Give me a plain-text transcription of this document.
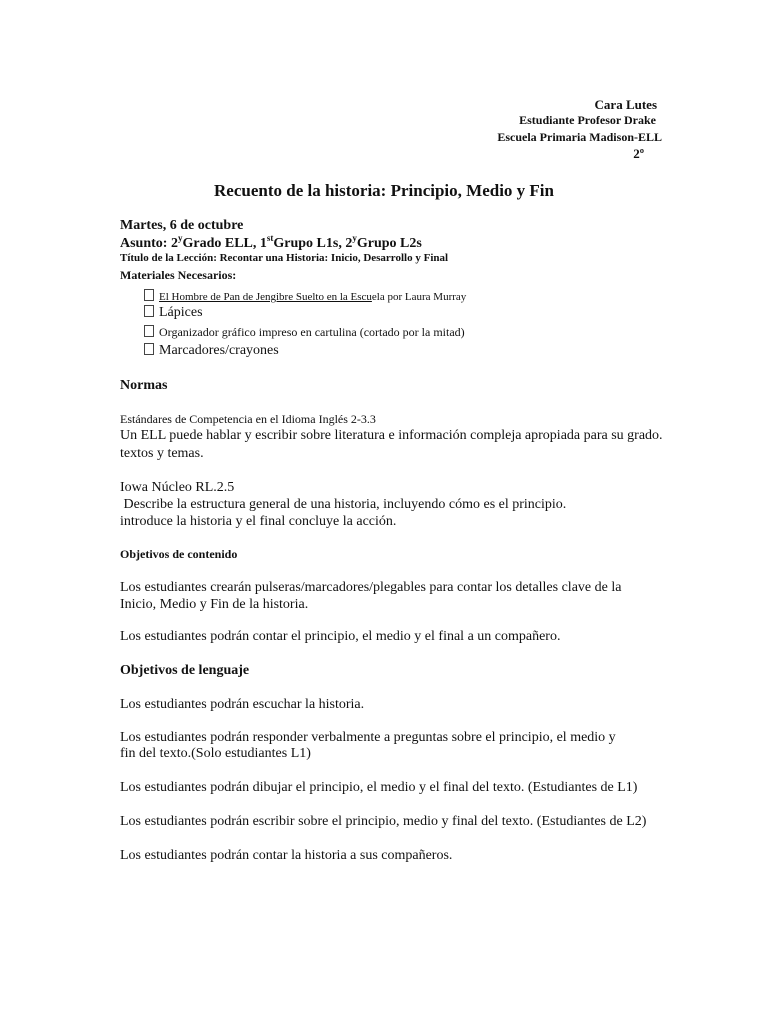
Cara Lutes
Estudiante Profesor Drake
Escuela Primaria Madison-ELL
2º
Recuento de la historia: Principio, Medio y Fin
Martes, 6 de octubre
Asunto: 2$^y$Grado ELL, 1stGrupo L1s, 2$^y$Grupo L2s
Título de la Lección: Recontar una Historia: Inicio, Desarrollo y Final
Materiales Necesarios:
El Hombre de Pan de Jengibre Suelto en la Escuela por Laura Murray
Lápices
Organizador gráfico impreso en cartulina (cortado por la mitad)
Marcadores/crayones
Normas
Estándares de Competencia en el Idioma Inglés 2-3.3
Un ELL puede hablar y escribir sobre literatura e información compleja apropiada para su grado.
textos y temas.
Iowa Núcleo RL.2.5
Describe la estructura general de una historia, incluyendo cómo es el principio.
introduce la historia y el final concluye la acción.
Objetivos de contenido
Los estudiantes crearán pulseras/marcadores/plegables para contar los detalles clave de la
Inicio, Medio y Fin de la historia.
Los estudiantes podrán contar el principio, el medio y el final a un compañero.
Objetivos de lenguaje
Los estudiantes podrán escuchar la historia.
Los estudiantes podrán responder verbalmente a preguntas sobre el principio, el medio y
fin del texto.(Solo estudiantes L1)
Los estudiantes podrán dibujar el principio, el medio y el final del texto. (Estudiantes de L1)
Los estudiantes podrán escribir sobre el principio, medio y final del texto. (Estudiantes de L2)
Los estudiantes podrán contar la historia a sus compañeros.
